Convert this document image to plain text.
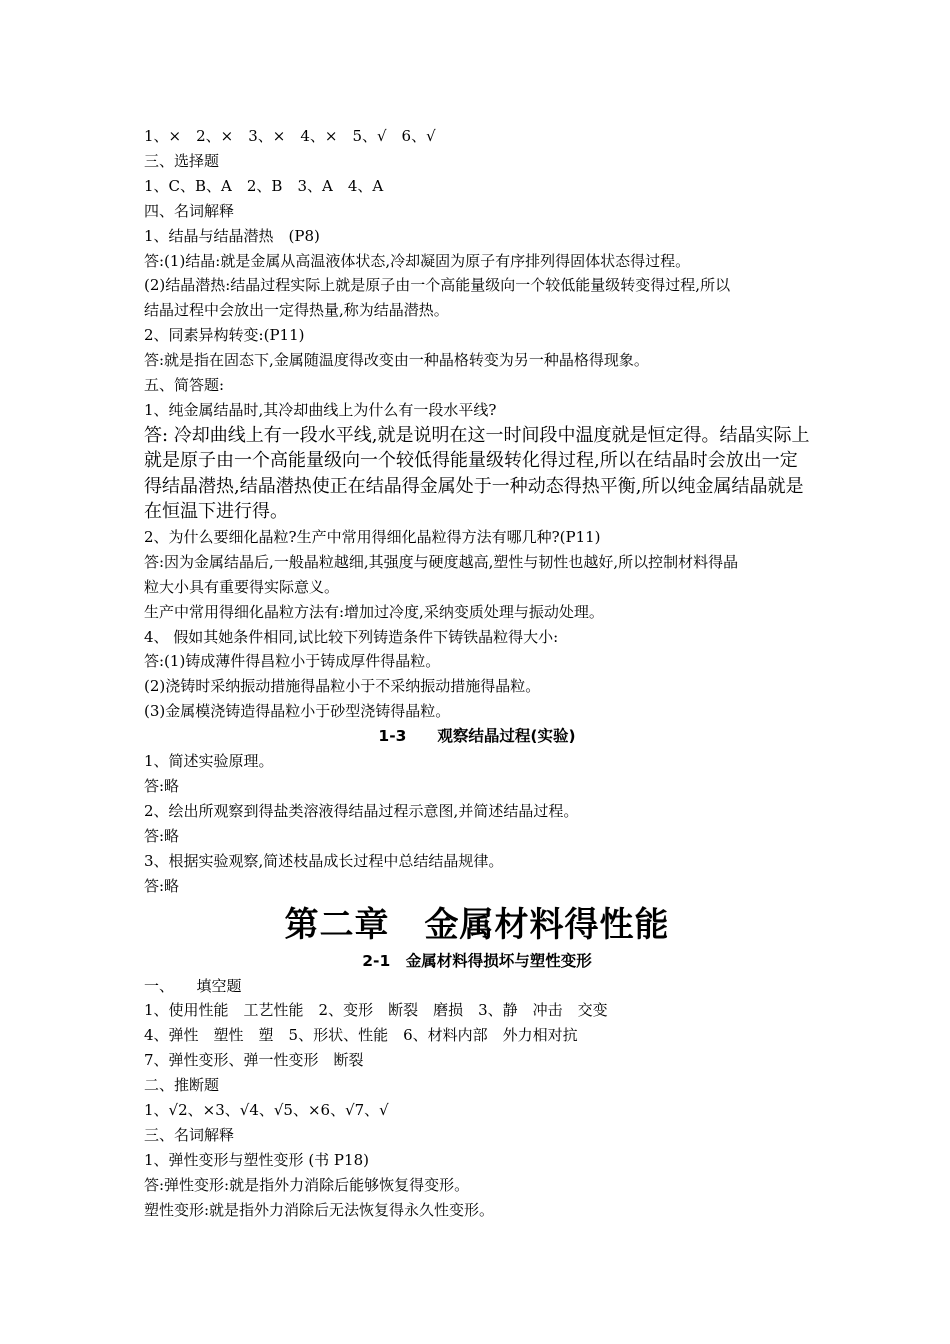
1、×　2、×　3、×　4、×　5、√　6、√
三、选择题
1、C、B、A　2、B　3、A　4、A
四、名词解释
1、结晶与结晶潜热　(P8)
答:(1)结晶:就是金属从高温液体状态,冷却凝固为原子有序排列得固体状态得过程。
(2)结晶潜热:结晶过程实际上就是原子由一个高能量级向一个较低能量级转变得过程,所以
结晶过程中会放出一定得热量,称为结晶潜热。
2、同素异构转变:(P11)
答:就是指在固态下,金属随温度得改变由一种晶格转变为另一种晶格得现象。
五、简答题:
1、纯金属结晶时,其冷却曲线上为什么有一段水平线?
答: 冷却曲线上有一段水平线,就是说明在这一时间段中温度就是恒定得。结晶实际上就是原子由一个高能量级向一个较低得能量级转化得过程,所以在结晶时会放出一定得结晶潜热,结晶潜热使正在结晶得金属处于一种动态得热平衡,所以纯金属结晶就是在恒温下进行得。
2、为什么要细化晶粒?生产中常用得细化晶粒得方法有哪几种?(P11)
答:因为金属结晶后,一般晶粒越细,其强度与硬度越高,塑性与韧性也越好,所以控制材料得晶
粒大小具有重要得实际意义。
生产中常用得细化晶粒方法有:增加过冷度,采纳变质处理与振动处理。
4、 假如其她条件相同,试比较下列铸造条件下铸铁晶粒得大小:
答:(1)铸成薄件得昌粒小于铸成厚件得晶粒。
(2)浇铸时采纳振动措施得晶粒小于不采纳振动措施得晶粒。
(3)金属模浇铸造得晶粒小于砂型浇铸得晶粒。
1-3　　观察结晶过程(实验)
1、简述实验原理。
答:略
2、绘出所观察到得盐类溶液得结晶过程示意图,并简述结晶过程。
答:略
3、根据实验观察,简述枝晶成长过程中总结结晶规律。
答:略
第二章　金属材料得性能
2-1　金属材料得损坏与塑性变形
一、　　填空题
1、使用性能　工艺性能　2、变形　断裂　磨损　3、静　冲击　交变
4、弹性　塑性　塑　5、形状、性能　6、材料内部　外力相对抗
7、弹性变形、弹一性变形　断裂
二、推断题
1、√2、×3、√4、√5、×6、√7、√
三、名词解释
1、弹性变形与塑性变形 (书 P18)
答:弹性变形:就是指外力消除后能够恢复得变形。
塑性变形:就是指外力消除后无法恢复得永久性变形。
